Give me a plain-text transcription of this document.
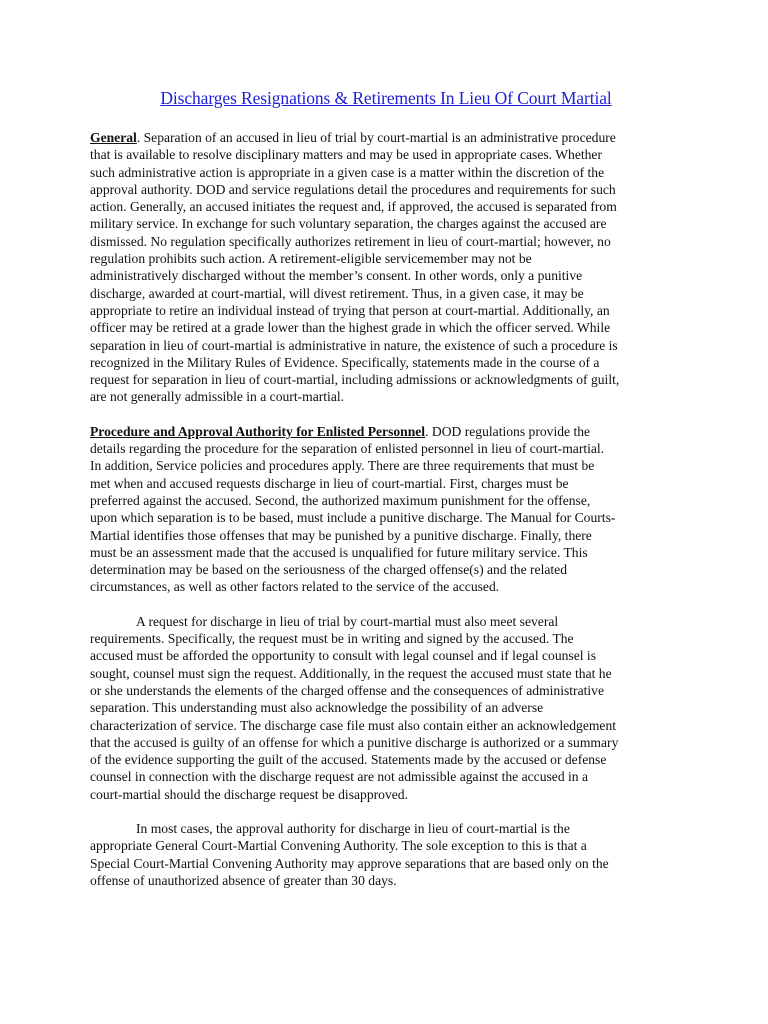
Discharges Resignations & Retirements In Lieu Of Court Martial
General. Separation of an accused in lieu of trial by court-martial is an administrative procedure
that is available to resolve disciplinary matters and may be used in appropriate cases. Whether
such administrative action is appropriate in a given case is a matter within the discretion of the
approval authority. DOD and service regulations detail the procedures and requirements for such
action. Generally, an accused initiates the request and, if approved, the accused is separated from
military service. In exchange for such voluntary separation, the charges against the accused are
dismissed. No regulation specifically authorizes retirement in lieu of court-martial; however, no
regulation prohibits such action. A retirement-eligible servicemember may not be
administratively discharged without the member’s consent. In other words, only a punitive
discharge, awarded at court-martial, will divest retirement. Thus, in a given case, it may be
appropriate to retire an individual instead of trying that person at court-martial. Additionally, an
officer may be retired at a grade lower than the highest grade in which the officer served. While
separation in lieu of court-martial is administrative in nature, the existence of such a procedure is
recognized in the Military Rules of Evidence. Specifically, statements made in the course of a
request for separation in lieu of court-martial, including admissions or acknowledgments of guilt,
are not generally admissible in a court-martial.
Procedure and Approval Authority for Enlisted Personnel. DOD regulations provide the
details regarding the procedure for the separation of enlisted personnel in lieu of court-martial.
In addition, Service policies and procedures apply. There are three requirements that must be
met when and accused requests discharge in lieu of court-martial. First, charges must be
preferred against the accused. Second, the authorized maximum punishment for the offense,
upon which separation is to be based, must include a punitive discharge. The Manual for Courts-
Martial identifies those offenses that may be punished by a punitive discharge. Finally, there
must be an assessment made that the accused is unqualified for future military service. This
determination may be based on the seriousness of the charged offense(s) and the related
circumstances, as well as other factors related to the service of the accused.
A request for discharge in lieu of trial by court-martial must also meet several
requirements. Specifically, the request must be in writing and signed by the accused. The
accused must be afforded the opportunity to consult with legal counsel and if legal counsel is
sought, counsel must sign the request. Additionally, in the request the accused must state that he
or she understands the elements of the charged offense and the consequences of administrative
separation. This understanding must also acknowledge the possibility of an adverse
characterization of service. The discharge case file must also contain either an acknowledgement
that the accused is guilty of an offense for which a punitive discharge is authorized or a summary
of the evidence supporting the guilt of the accused. Statements made by the accused or defense
counsel in connection with the discharge request are not admissible against the accused in a
court-martial should the discharge request be disapproved.
In most cases, the approval authority for discharge in lieu of court-martial is the
appropriate General Court-Martial Convening Authority. The sole exception to this is that a
Special Court-Martial Convening Authority may approve separations that are based only on the
offense of unauthorized absence of greater than 30 days.
